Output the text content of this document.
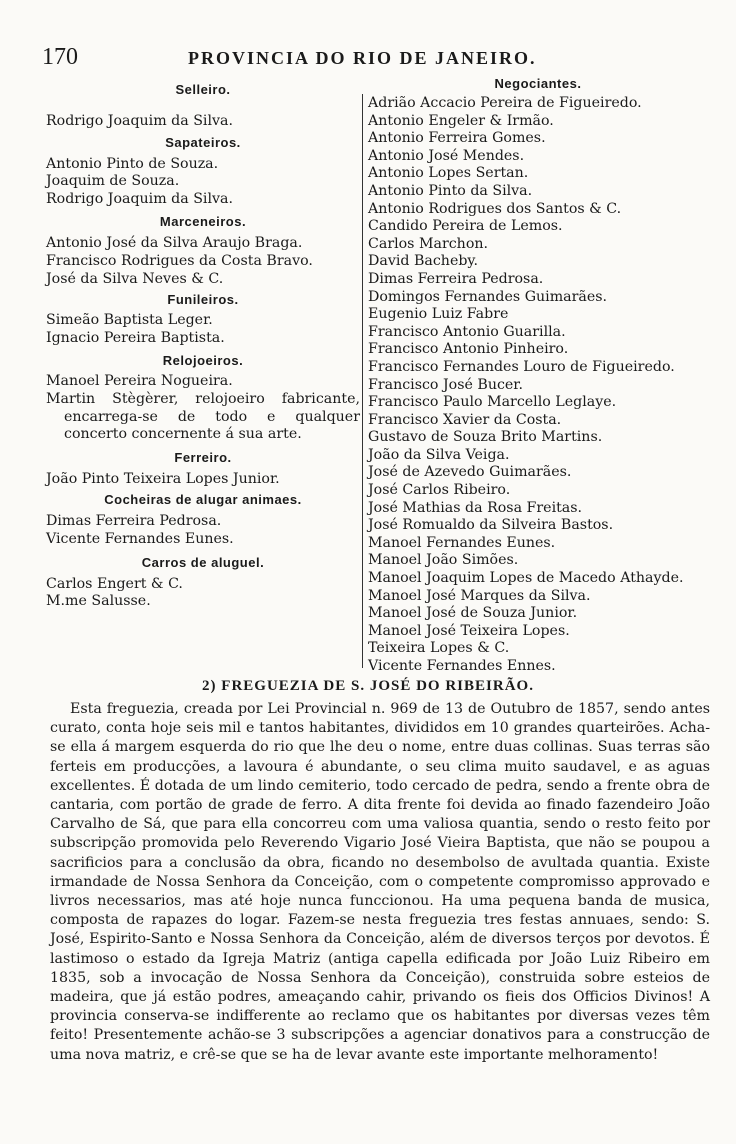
170	PROVINCIA DO RIO DE JANEIRO.

Selleiro.

Rodrigo Joaquim da Silva.

Sapateiros.

Antonio Pinto de Souza.

Joaquim de Souza.

Rodrigo Joaquim da Silva.

Marceneiros.

Antonio José da Silva Araujo Braga.

Francisco Rodrigues da Costa Bravo.

José da Silva Neves & C.

Funileiros.

Simeão Baptista Leger.

Ignacio Pereira Baptista.

Relojoeiros.

Manoel Pereira Nogueira.

Martin Stègèrer, relojoeiro fabricante, encarrega-se de todo e qualquer concerto concernente á sua arte.

Ferreiro.

João Pinto Teixeira Lopes Junior.

Cocheiras de alugar animaes.

Dimas Ferreira Pedrosa.

Vicente Fernandes Eunes.

Carros de aluguel.

Carlos Engert & C.

M.me Salusse.

Negociantes.

Adrião Accacio Pereira de Figueiredo.

Antonio Engeler & Irmão.

Antonio Ferreira Gomes.

Antonio José Mendes.

Antonio Lopes Sertan.

Antonio Pinto da Silva.

Antonio Rodrigues dos Santos & C.

Candido Pereira de Lemos.

Carlos Marchon.

David Bacheby.

Dimas Ferreira Pedrosa.

Domingos Fernandes Guimarães.

Eugenio Luiz Fabre

Francisco Antonio Guarilla.

Francisco Antonio Pinheiro.

Francisco Fernandes Louro de Figueiredo.

Francisco José Bucer.

Francisco Paulo Marcello Leglaye.

Francisco Xavier da Costa.

Gustavo de Souza Brito Martins.

João da Silva Veiga.

José de Azevedo Guimarães.

José Carlos Ribeiro.

José Mathias da Rosa Freitas.

José Romualdo da Silveira Bastos.

Manoel Fernandes Eunes.

Manoel João Simões.

Manoel Joaquim Lopes de Macedo Athayde.

Manoel José Marques da Silva.

Manoel José de Souza Junior.

Manoel José Teixeira Lopes.

Teixeira Lopes & C.

Vicente Fernandes Ennes.

2) FREGUEZIA DE S. JOSÉ DO RIBEIRÃO.

Esta freguezia, creada por Lei Provincial n. 969 de 13 de Outubro de 1857, sendo antes curato, conta hoje seis mil e tantos habitantes, divididos em 10 grandes quarteirões. Acha-se ella á margem esquerda do rio que lhe deu o nome, entre duas collinas. Suas terras são ferteis em producções, a lavoura é abundante, o seu clima muito saudavel, e as aguas excellentes. É dotada de um lindo cemiterio, todo cercado de pedra, sendo a frente obra de cantaria, com portão de grade de ferro. A dita frente foi devida ao finado fazendeiro João Carvalho de Sá, que para ella concorreu com uma valiosa quantia, sendo o resto feito por subscripção promovida pelo Reverendo Vigario José Vieira Baptista, que não se poupou a sacrificios para a conclusão da obra, ficando no desembolso de avultada quantia. Existe irmandade de Nossa Senhora da Conceição, com o competente compromisso approvado e livros necessarios, mas até hoje nunca funccionou. Ha uma pequena banda de musica, composta de rapazes do logar. Fazem-se nesta freguezia tres festas annuaes, sendo: S. José, Espirito-Santo e Nossa Senhora da Conceição, além de diversos terços por devotos. É lastimoso o estado da Igreja Matriz (antiga capella edificada por João Luiz Ribeiro em 1835, sob a invocação de Nossa Senhora da Conceição), construida sobre esteios de madeira, que já estão podres, ameaçando cahir, privando os fieis dos Officios Divinos! A provincia conserva-se indifferente ao reclamo que os habitantes por diversas vezes têm feito! Presentemente achão-se 3 subscripções a agenciar donativos para a construcção de uma nova matriz, e crê-se que se ha de levar avante este importante melhoramento!
